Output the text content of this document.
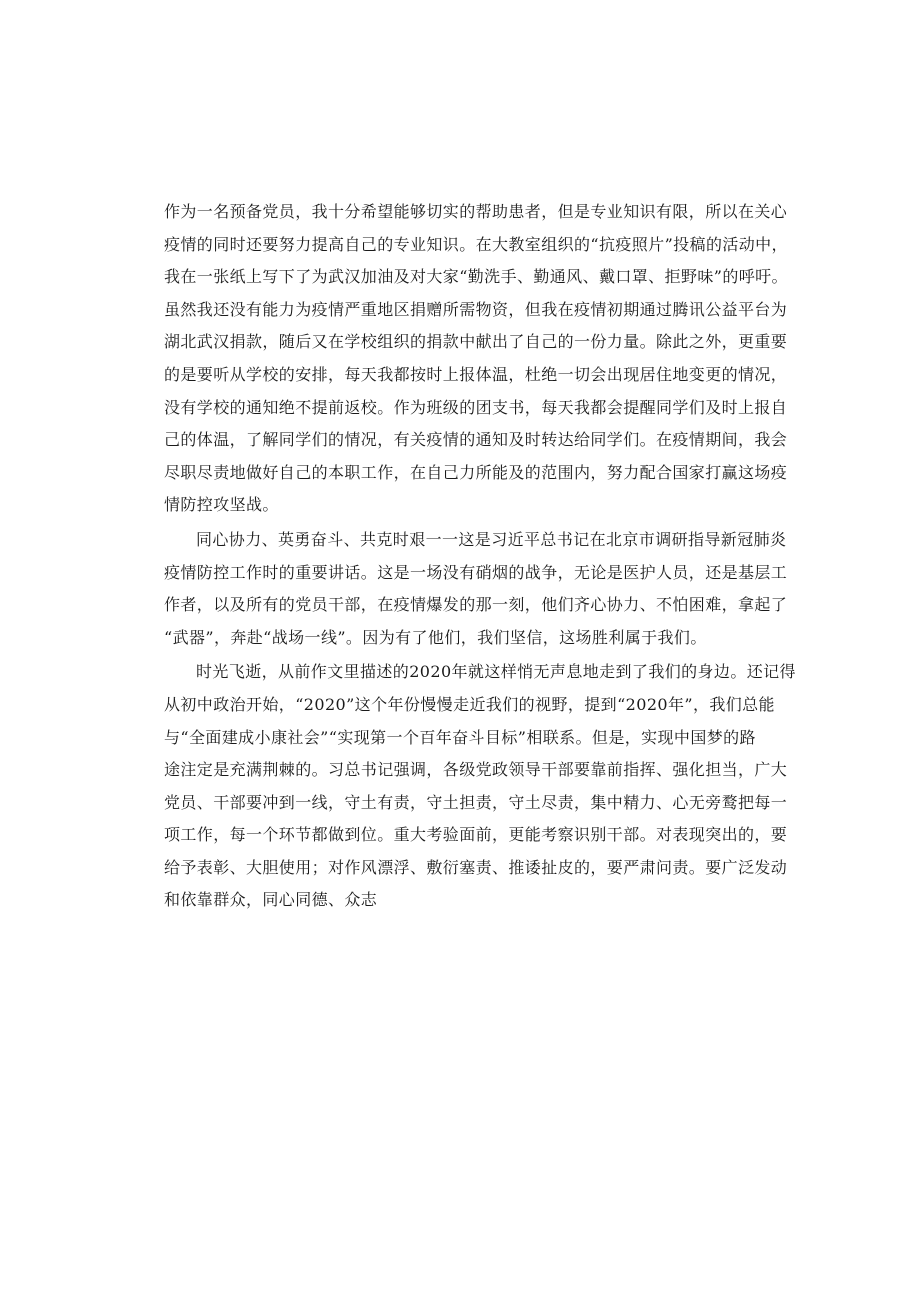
作为一名预备党员，我十分希望能够切实的帮助患者，但是专业知识有限，所以在关心
疫情的同时还要努力提高自己的专业知识。在大教室组织的“抗疫照片”投稿的活动中，
我在一张纸上写下了为武汉加油及对大家“勤洗手、勤通风、戴口罩、拒野味”的呼吁。
虽然我还没有能力为疫情严重地区捐赠所需物资，但我在疫情初期通过腾讯公益平台为
湖北武汉捐款，随后又在学校组织的捐款中献出了自己的一份力量。除此之外，更重要
的是要听从学校的安排，每天我都按时上报体温，杜绝一切会出现居住地变更的情况，
没有学校的通知绝不提前返校。作为班级的团支书，每天我都会提醒同学们及时上报自
己的体温，了解同学们的情况，有关疫情的通知及时转达给同学们。在疫情期间，我会
尽职尽责地做好自己的本职工作，在自己力所能及的范围内，努力配合国家打赢这场疫
情防控攻坚战。
同心协力、英勇奋斗、共克时艰一一这是习近平总书记在北京市调研指导新冠肺炎
疫情防控工作时的重要讲话。这是一场没有硝烟的战争，无论是医护人员，还是基层工
作者，以及所有的党员干部，在疫情爆发的那一刻，他们齐心协力、不怕困难，拿起了
“武器”，奔赴“战场一线”。因为有了他们，我们坚信，这场胜利属于我们。
时光飞逝，从前作文里描述的2020年就这样悄无声息地走到了我们的身边。还记得
从初中政治开始，“2020”这个年份慢慢走近我们的视野，提到“2020年”，我们总能
与“全面建成小康社会”“实现第一个百年奋斗目标”相联系。但是，实现中国梦的路
途注定是充满荆棘的。习总书记强调，各级党政领导干部要靠前指挥、强化担当，广大
党员、干部要冲到一线，守土有责，守土担责，守土尽责，集中精力、心无旁鹜把每一
项工作，每一个环节都做到位。重大考验面前，更能考察识别干部。对表现突出的，要
给予表彰、大胆使用；对作风漂浮、敷衍塞责、推诿扯皮的，要严肃问责。要广泛发动
和依靠群众，同心同德、众志
